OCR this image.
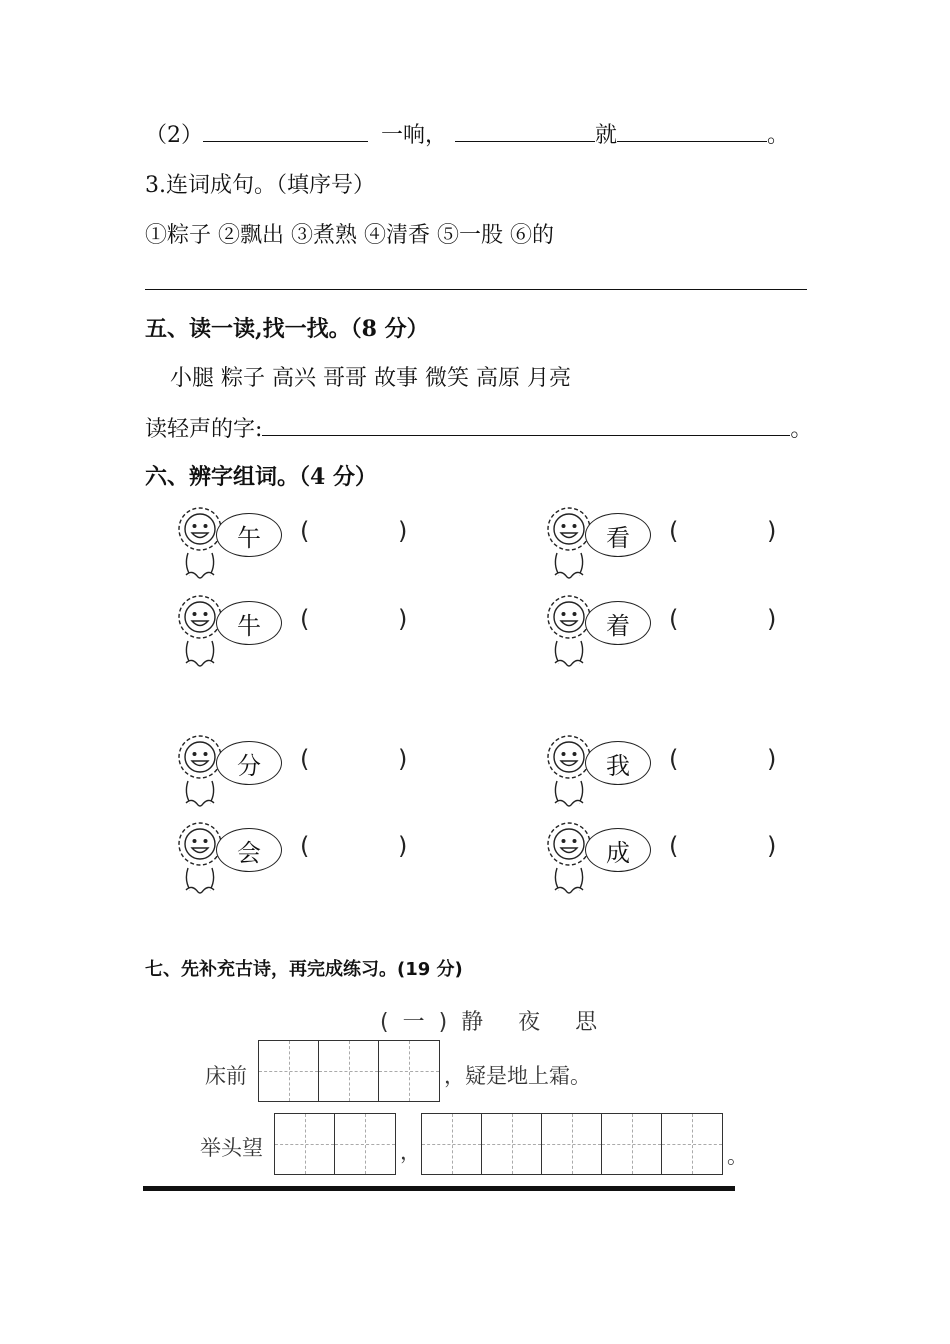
（2）	一响，	就	。
3.连词成句。（填序号）
①粽子 ②飘出 ③煮熟 ④清香 ⑤一股 ⑥的
五、读一读,找一找。（8 分）
小腿 粽子 高兴 哥哥 故事 微笑 高原 月亮
读轻声的字:	。
六、辨字组词。（4 分）
午	(	)
牛	(	)
分	(	)
会	(	)
看	(	)
着	(	)
我	(	)
成	(	)
七、先补充古诗，再完成练习。(19 分)
(一)静 夜 思
床前	，疑是地上霜。
举头望	，	。
